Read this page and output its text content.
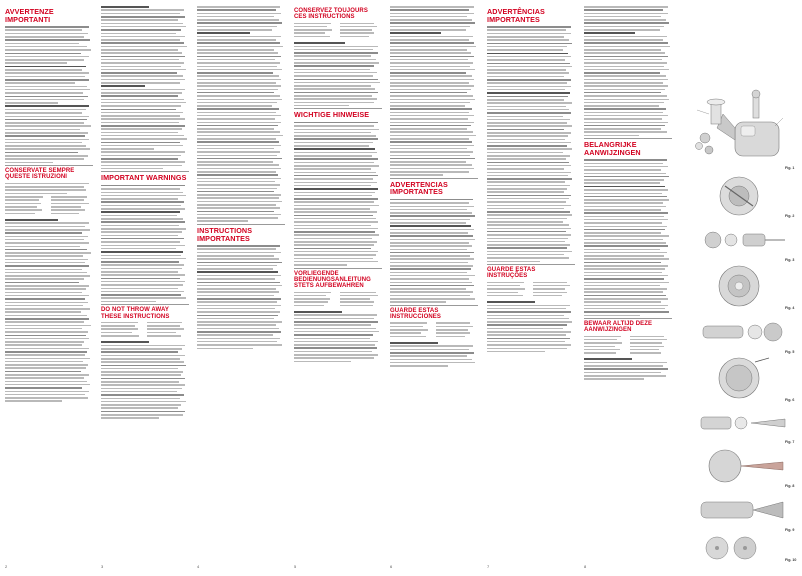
AVVERTENZE IMPORTANTI
CONSERVATE SEMPRE QUESTE ISTRUZIONI
2
IMPORTANT WARNINGS
DO NOT THROW AWAY THESE INSTRUCTIONS
3
INSTRUCTIONS IMPORTANTES
4
CONSERVEZ TOUJOURS CES INSTRUCTIONS
WICHTIGE HINWEISE
VORLIEGENDE BEDIENUNGSANLEITUNG STETS AUFBEWAHREN
5
ADVERTENCIAS IMPORTANTES
GUARDE ESTAS INSTRUCCIONES
6
ADVERTÊNCIAS IMPORTANTES
GUARDE ESTAS INSTRUÇÕES
7
BELANGRIJKE AANWIJZINGEN
BEWAAR ALTIJD DEZE AANWIJZINGEN
8
Fig. 1
Fig. 2
Fig. 3
Fig. 4
Fig. 5
Fig. 6
Fig. 7
Fig. 8
Fig. 9
Fig. 10
